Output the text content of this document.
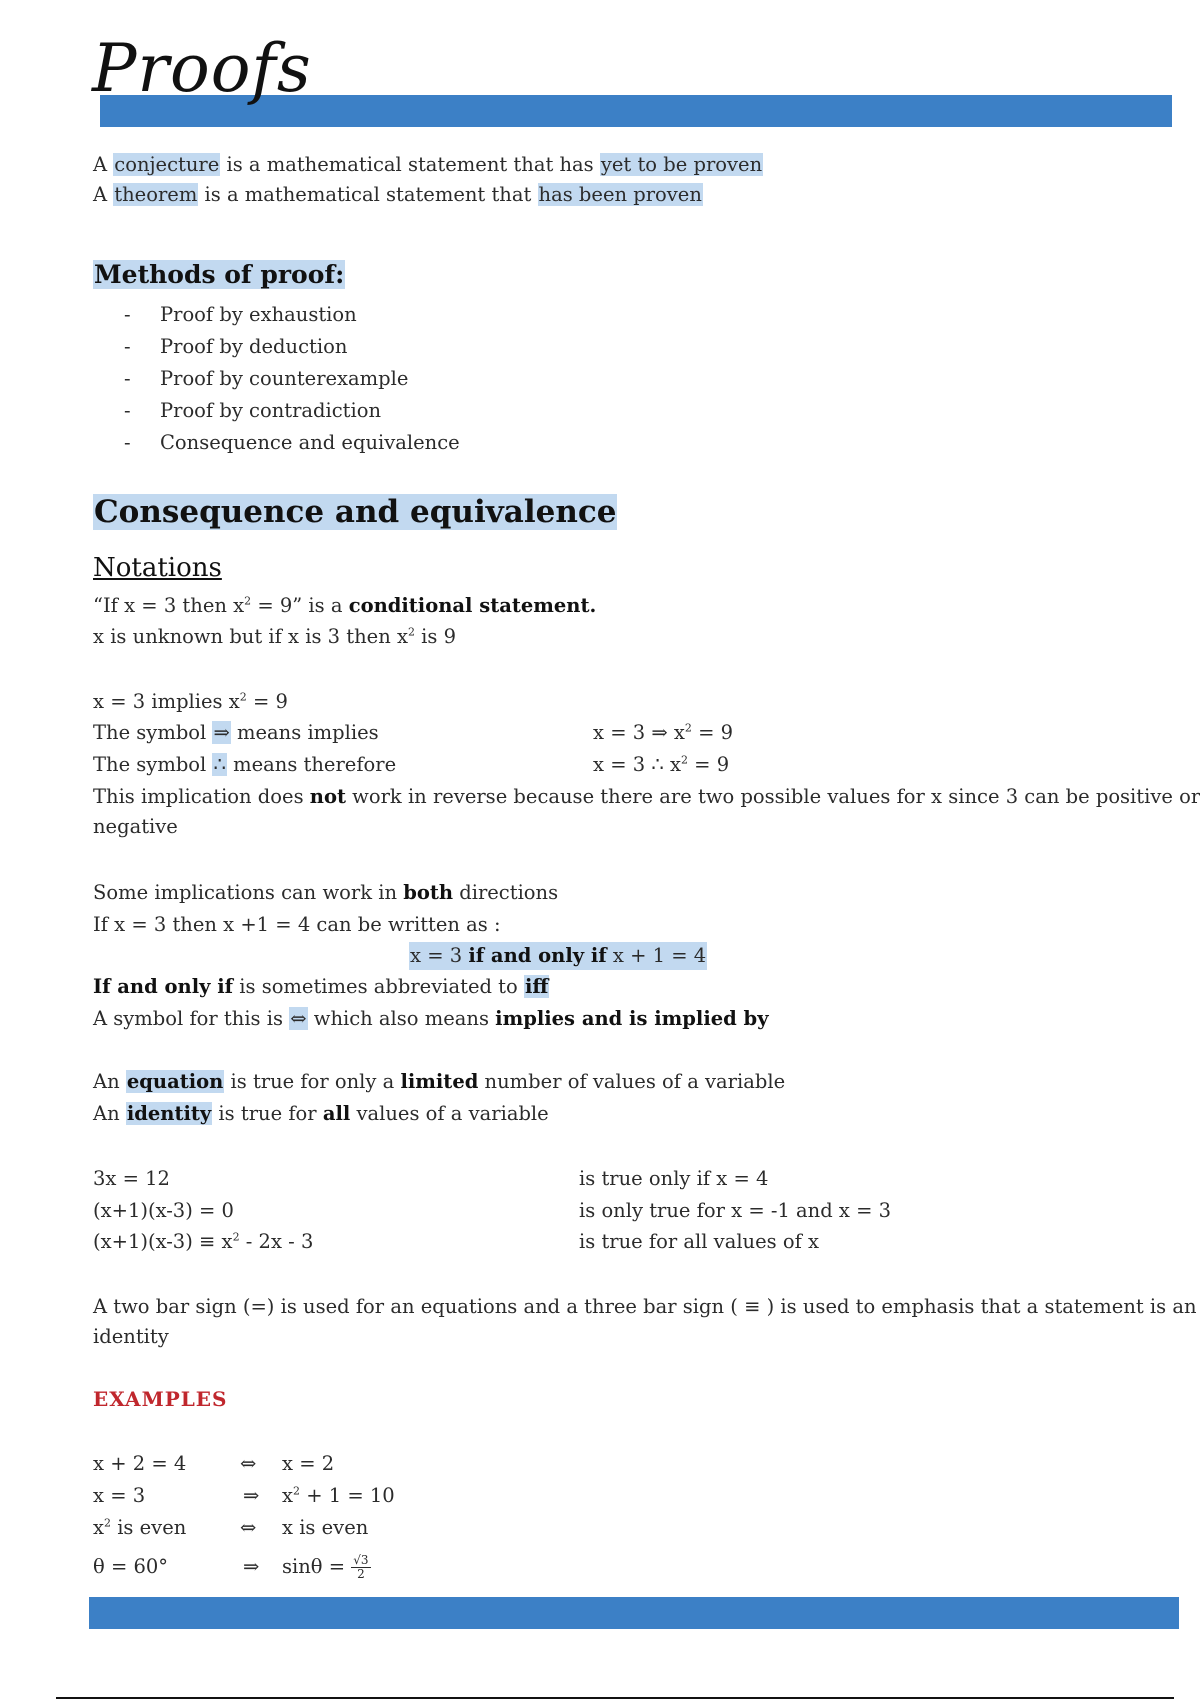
Proofs
A conjecture is a mathematical statement that has yet to be proven
A theorem is a mathematical statement that has been proven
Methods of proof:
- Proof by exhaustion
- Proof by deduction
- Proof by counterexample
- Proof by contradiction
- Consequence and equivalence
Consequence and equivalence
Notations
“If x = 3 then $x^2 = 9$” is a conditional statement.
x is unknown but if x is 3 then $x^2$ is 9
x = 3 implies $x^2 = 9$
The symbol ⇒ means implies	x = 3 ⇒ $x^2 = 9$
The symbol ∴ means therefore	x = 3 ∴ $x^2 = 9$
This implication does not work in reverse because there are two possible values for x since 3 can be positive or
negative
Some implications can work in both directions
If x = 3 then x +1 = 4 can be written as :
x = 3 if and only if x + 1 = 4
If and only if is sometimes abbreviated to iff
A symbol for this is ⇔ which also means implies and is implied by
An equation is true for only a limited number of values of a variable
An identity is true for all values of a variable
3x = 12	is true only if x = 4
(x+1)(x-3) = 0	is only true for x = -1 and x = 3
$(x+1)(x-3) \equiv x^2 - 2x - 3$	is true for all values of x
A two bar sign (=) is used for an equations and a three bar sign ( ≡ ) is used to emphasis that a statement is an
identity
EXAMPLES
x + 2 = 4	⇔ x = 2
x = 3	⇒ $x^2 + 1 = 10$
$x^2$ is even	⇔ x is even
θ = 60°	⇒ $\sin\theta = \frac{√3}{2}$
